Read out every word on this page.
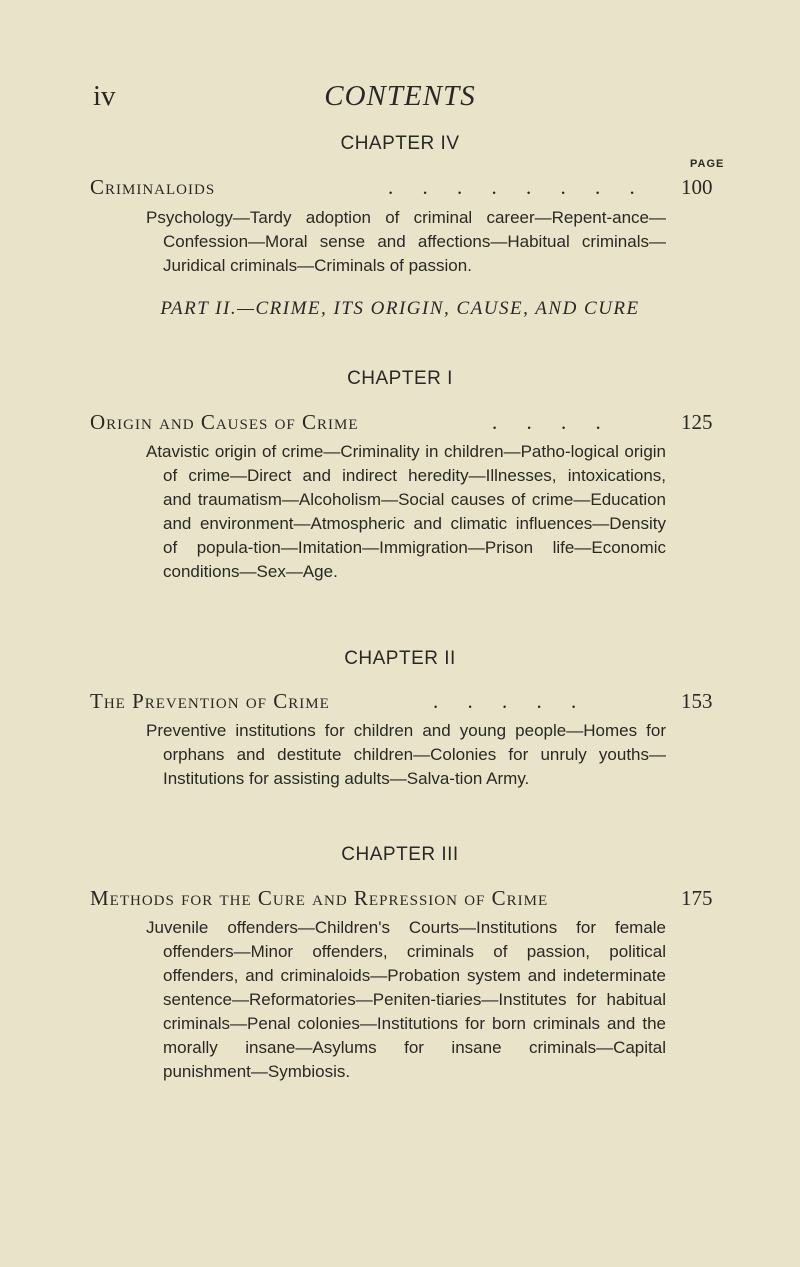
iv	CONTENTS
CHAPTER IV
PAGE
Criminaloids	. . . . . . . . 100
Psychology—Tardy adoption of criminal career—Repent-ance—Confession—Moral sense and affections—Habitual criminals—Juridical criminals—Criminals of passion.
PART II.—CRIME, ITS ORIGIN, CAUSE, AND CURE
CHAPTER I
Origin and Causes of Crime	. . . .	125
Atavistic origin of crime—Criminality in children—Patho-logical origin of crime—Direct and indirect heredity—Illnesses, intoxications, and traumatism—Alcoholism—Social causes of crime—Education and environment—Atmospheric and climatic influences—Density of popula-tion—Imitation—Immigration—Prison life—Economic conditions—Sex—Age.
CHAPTER II
The Prevention of Crime	. . . . .	153
Preventive institutions for children and young people—Homes for orphans and destitute children—Colonies for unruly youths—Institutions for assisting adults—Salva-tion Army.
CHAPTER III
Methods for the Cure and Repression of Crime	175
Juvenile offenders—Children's Courts—Institutions for female offenders—Minor offenders, criminals of passion, political offenders, and criminaloids—Probation system and indeterminate sentence—Reformatories—Peniten-tiaries—Institutes for habitual criminals—Penal colonies—Institutions for born criminals and the morally insane—Asylums for insane criminals—Capital punishment—Symbiosis.
